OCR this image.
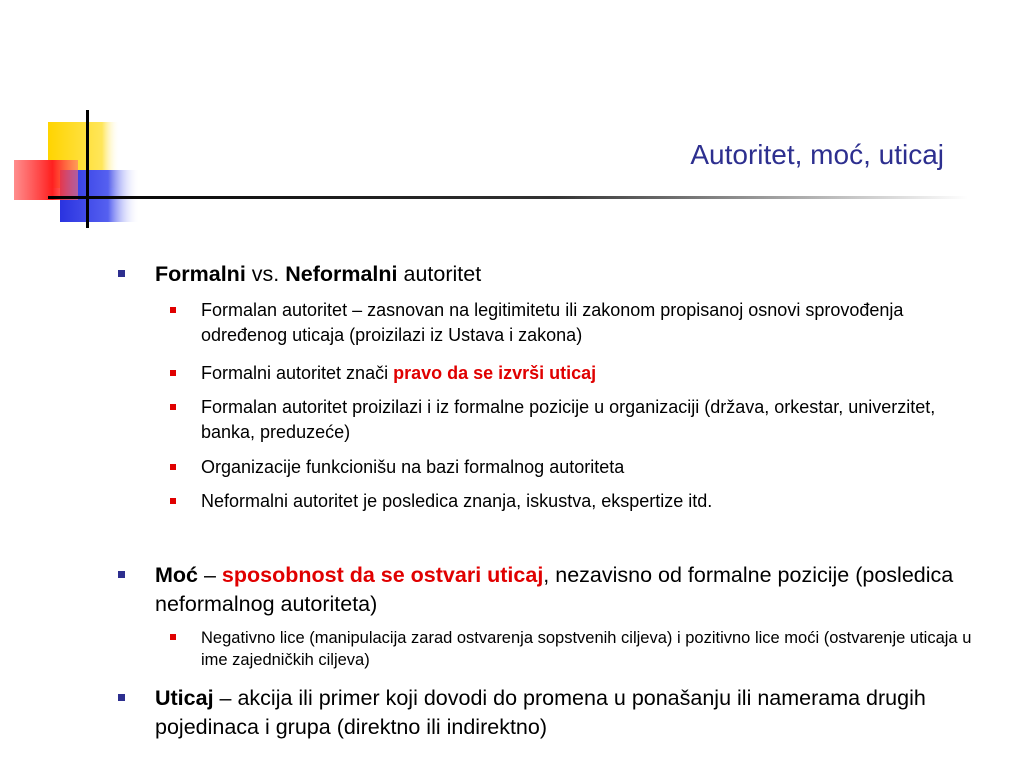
Autoritet, moć, uticaj
Formalni vs. Neformalni autoritet
Formalan autoritet – zasnovan na legitimitetu ili zakonom propisanoj osnovi sprovođenja određenog uticaja (proizilazi iz Ustava i zakona)
Formalni autoritet znači pravo da se izvrši uticaj
Formalan autoritet proizilazi i iz formalne pozicije u organizaciji (država, orkestar, univerzitet, banka, preduzeće)
Organizacije funkcionišu na bazi formalnog autoriteta
Neformalni autoritet je posledica znanja, iskustva, ekspertize itd.
Moć – sposobnost da se ostvari uticaj, nezavisno od formalne pozicije (posledica neformalnog autoriteta)
Negativno lice (manipulacija zarad ostvarenja sopstvenih ciljeva) i pozitivno lice moći (ostvarenje uticaja u ime zajedničkih ciljeva)
Uticaj – akcija ili primer koji dovodi do promena u ponašanju ili namerama drugih pojedinaca i grupa (direktno ili indirektno)
